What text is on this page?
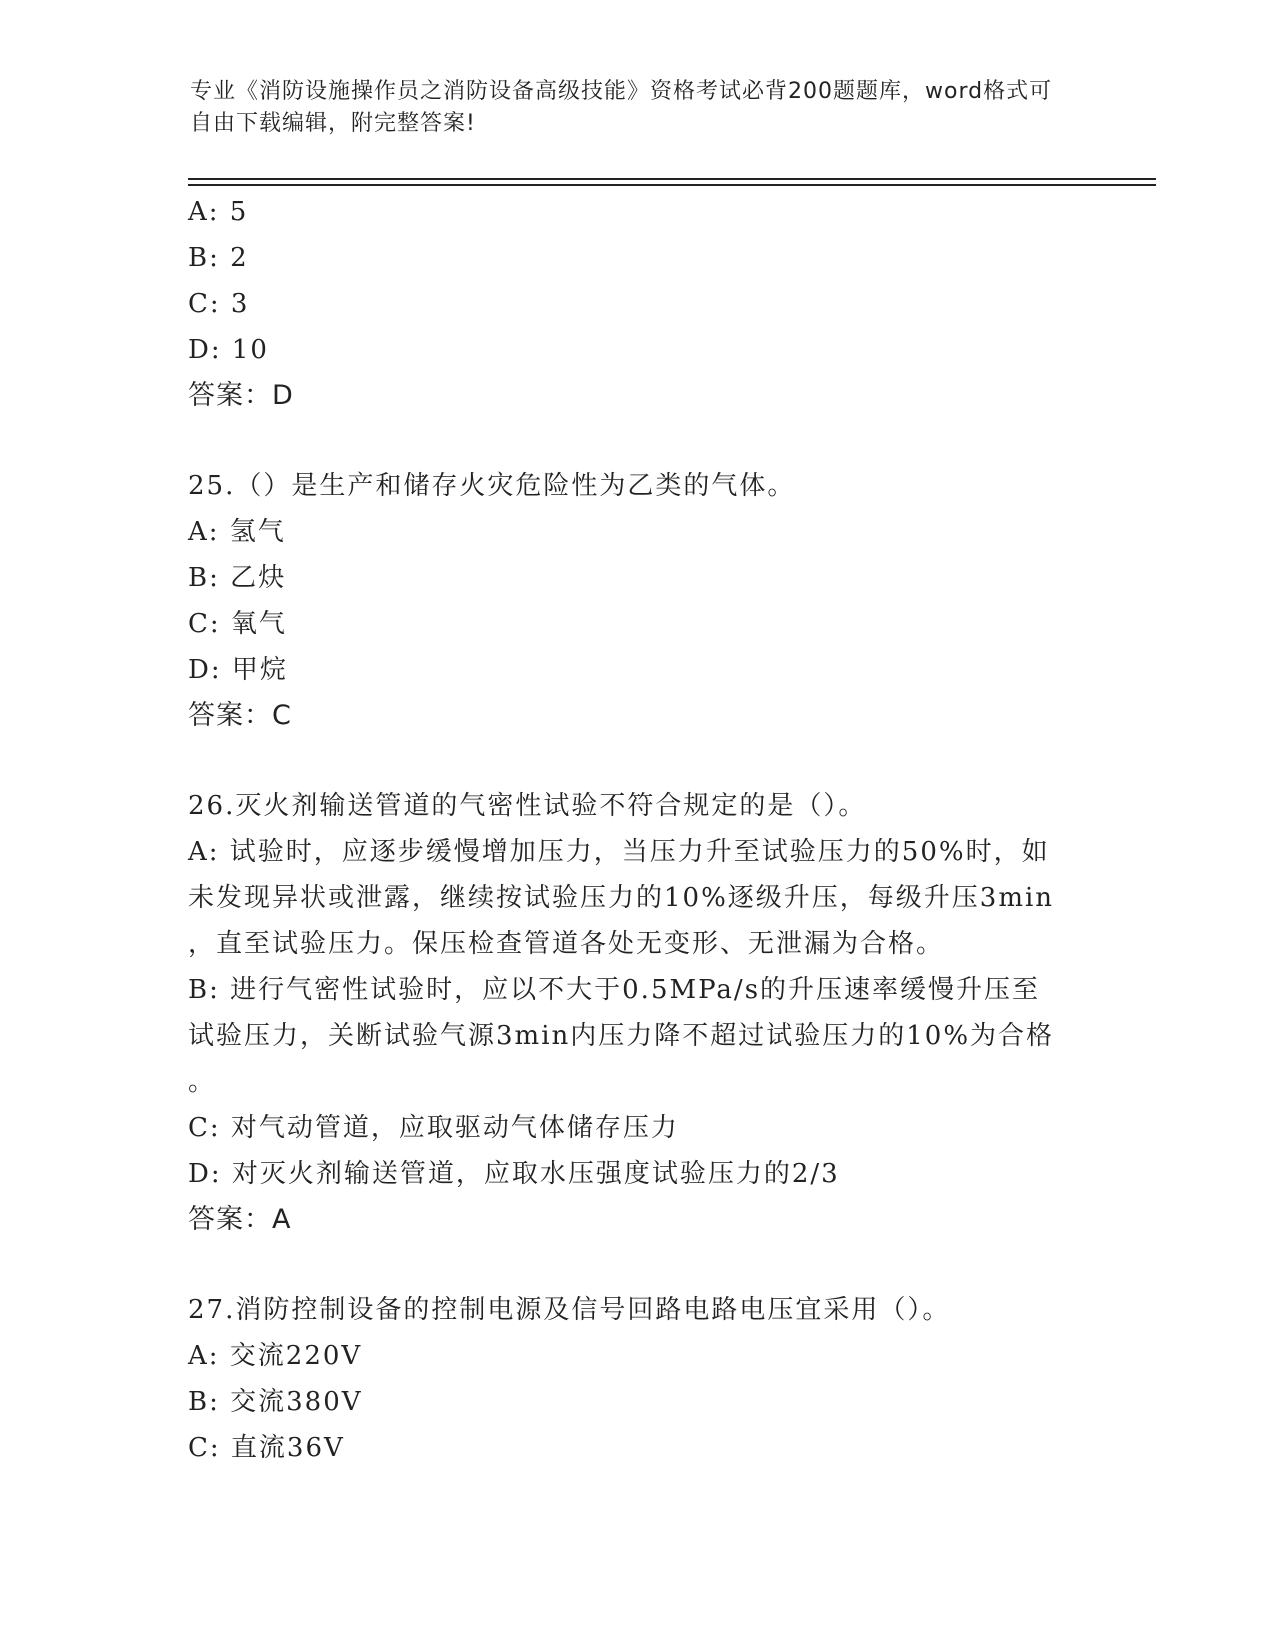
专业《消防设施操作员之消防设备高级技能》资格考试必背200题题库，word格式可自由下载编辑，附完整答案!
A: 5
B: 2
C: 3
D: 10
答案：D
25.（）是生产和储存火灾危险性为乙类的气体。
A: 氢气
B: 乙炔
C: 氧气
D: 甲烷
答案：C
26.灭火剂输送管道的气密性试验不符合规定的是（）。
A: 试验时，应逐步缓慢增加压力，当压力升至试验压力的50%时，如
未发现异状或泄露，继续按试验压力的10%逐级升压，每级升压3min
，直至试验压力。保压检查管道各处无变形、无泄漏为合格。
B: 进行气密性试验时，应以不大于0.5MPa/s的升压速率缓慢升压至
试验压力，关断试验气源3min内压力降不超过试验压力的10%为合格
。
C: 对气动管道，应取驱动气体储存压力
D: 对灭火剂输送管道，应取水压强度试验压力的2/3
答案：A
27.消防控制设备的控制电源及信号回路电路电压宜采用（）。
A: 交流220V
B: 交流380V
C: 直流36V
